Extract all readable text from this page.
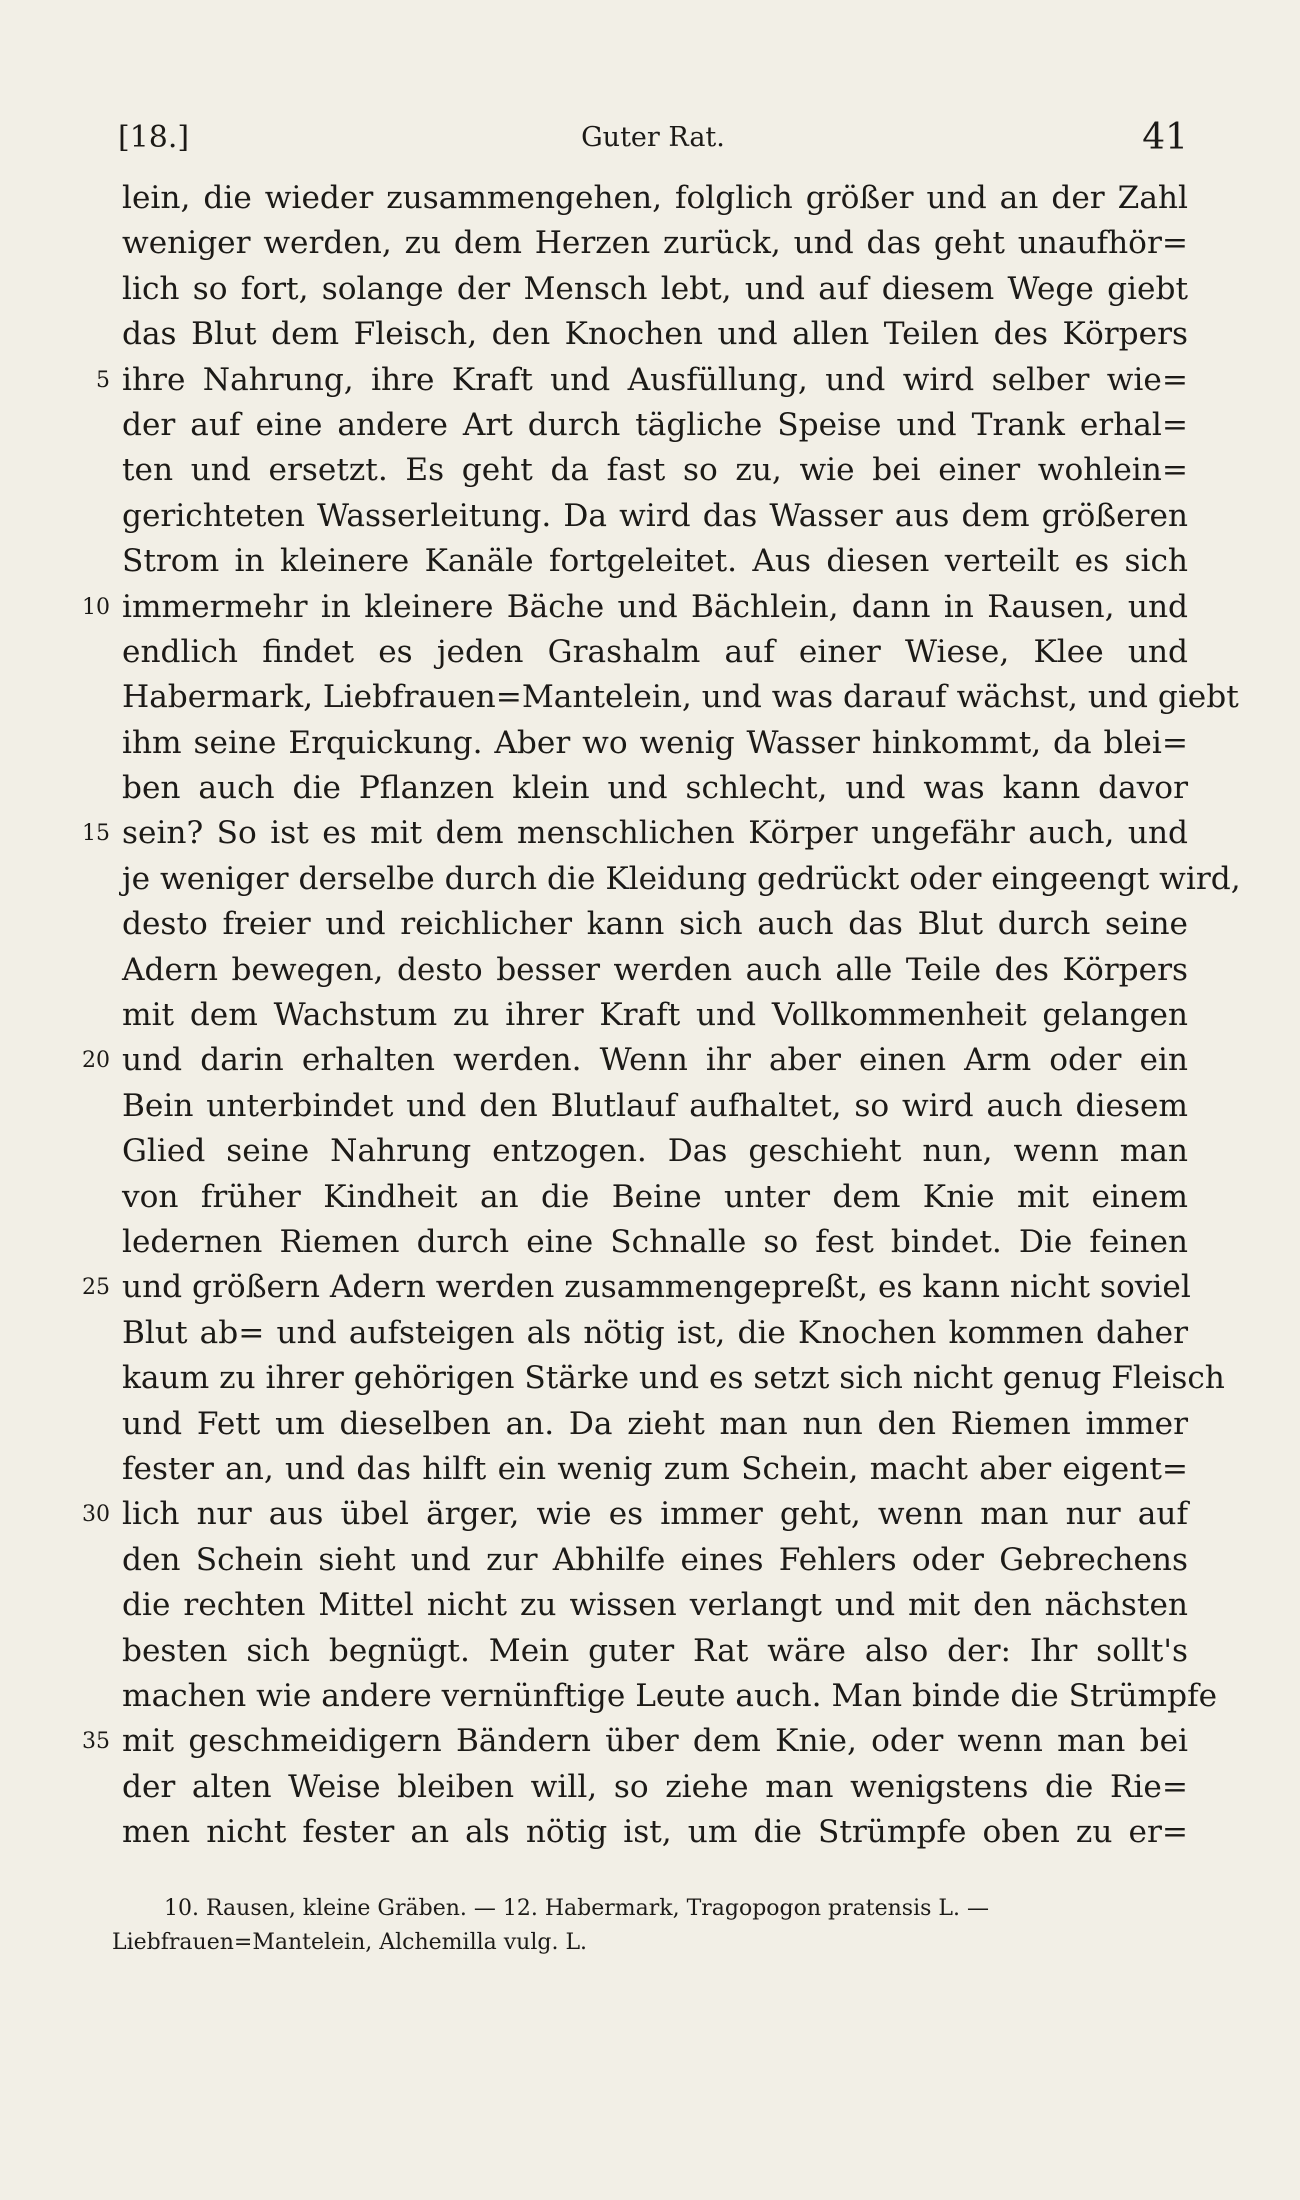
[18.]	Guter Rat.	41
lein, die wieder zusammengehen, folglich größer und an der Zahl
weniger werden, zu dem Herzen zurück, und das geht unaufhör=
lich so fort, solange der Mensch lebt, und auf diesem Wege giebt
das Blut dem Fleisch, den Knochen und allen Teilen des Körpers
5 ihre Nahrung, ihre Kraft und Ausfüllung, und wird selber wie=
der auf eine andere Art durch tägliche Speise und Trank erhal=
ten und ersetzt. Es geht da fast so zu, wie bei einer wohlein=
gerichteten Wasserleitung. Da wird das Wasser aus dem größeren
Strom in kleinere Kanäle fortgeleitet. Aus diesen verteilt es sich
10 immermehr in kleinere Bäche und Bächlein, dann in Rausen, und
endlich findet es jeden Grashalm auf einer Wiese, Klee und
Habermark, Liebfrauen=Mantelein, und was darauf wächst, und giebt
ihm seine Erquickung. Aber wo wenig Wasser hinkommt, da blei=
ben auch die Pflanzen klein und schlecht, und was kann davor
15 sein? So ist es mit dem menschlichen Körper ungefähr auch, und
je weniger derselbe durch die Kleidung gedrückt oder eingeengt wird,
desto freier und reichlicher kann sich auch das Blut durch seine
Adern bewegen, desto besser werden auch alle Teile des Körpers
mit dem Wachstum zu ihrer Kraft und Vollkommenheit gelangen
20 und darin erhalten werden. Wenn ihr aber einen Arm oder ein
Bein unterbindet und den Blutlauf aufhaltet, so wird auch diesem
Glied seine Nahrung entzogen. Das geschieht nun, wenn man
von früher Kindheit an die Beine unter dem Knie mit einem
ledernen Riemen durch eine Schnalle so fest bindet. Die feinen
25 und größern Adern werden zusammengepreßt, es kann nicht soviel
Blut ab= und aufsteigen als nötig ist, die Knochen kommen daher
kaum zu ihrer gehörigen Stärke und es setzt sich nicht genug Fleisch
und Fett um dieselben an. Da zieht man nun den Riemen immer
fester an, und das hilft ein wenig zum Schein, macht aber eigent=
30 lich nur aus übel ärger, wie es immer geht, wenn man nur auf
den Schein sieht und zur Abhilfe eines Fehlers oder Gebrechens
die rechten Mittel nicht zu wissen verlangt und mit den nächsten
besten sich begnügt. Mein guter Rat wäre also der: Ihr sollt's
machen wie andere vernünftige Leute auch. Man binde die Strümpfe
35 mit geschmeidigern Bändern über dem Knie, oder wenn man bei
der alten Weise bleiben will, so ziehe man wenigstens die Rie=
men nicht fester an als nötig ist, um die Strümpfe oben zu er=
10. Rausen, kleine Gräben. — 12. Habermark, Tragopogon pratensis L. —
Liebfrauen=Mantelein, Alchemilla vulg. L.
